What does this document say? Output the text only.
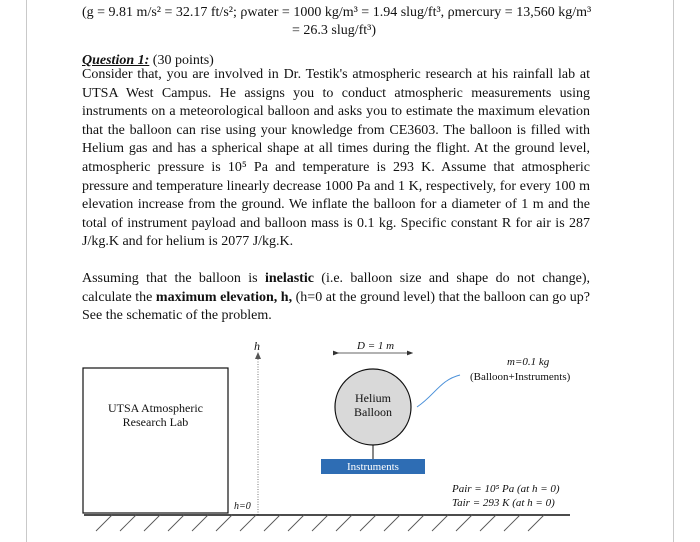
(g = 9.81 m/s² = 32.17 ft/s²; ρwater = 1000 kg/m³ = 1.94 slug/ft³, ρmercury = 13,560 kg/m³
= 26.3 slug/ft³)
Question 1: (30 points)
Consider that, you are involved in Dr. Testik's atmospheric research at his rainfall lab at UTSA West Campus. He assigns you to conduct atmospheric measurements using instruments on a meteorological balloon and asks you to estimate the maximum elevation that the balloon can rise using your knowledge from CE3603. The balloon is filled with Helium gas and has a spherical shape at all times during the flight. At the ground level, atmospheric pressure is 10⁵ Pa and temperature is 293 K. Assume that atmospheric pressure and temperature linearly decrease 1000 Pa and 1 K, respectively, for every 100 m elevation increase from the ground. We inflate the balloon for a diameter of 1 m and the total of instrument payload and balloon mass is 0.1 kg. Specific constant R for air is 287 J/kg.K and for helium is 2077 J/kg.K.
Assuming that the balloon is inelastic (i.e. balloon size and shape do not change), calculate the maximum elevation, h, (h=0 at the ground level) that the balloon can go up? See the schematic of the problem.
UTSA Atmospheric
Research Lab
h
h=0
D = 1 m
Helium
Balloon
Instruments
m=0.1 kg
(Balloon+Instruments)
Pair = 10⁵ Pa (at h = 0)
Tair = 293 K (at h = 0)
